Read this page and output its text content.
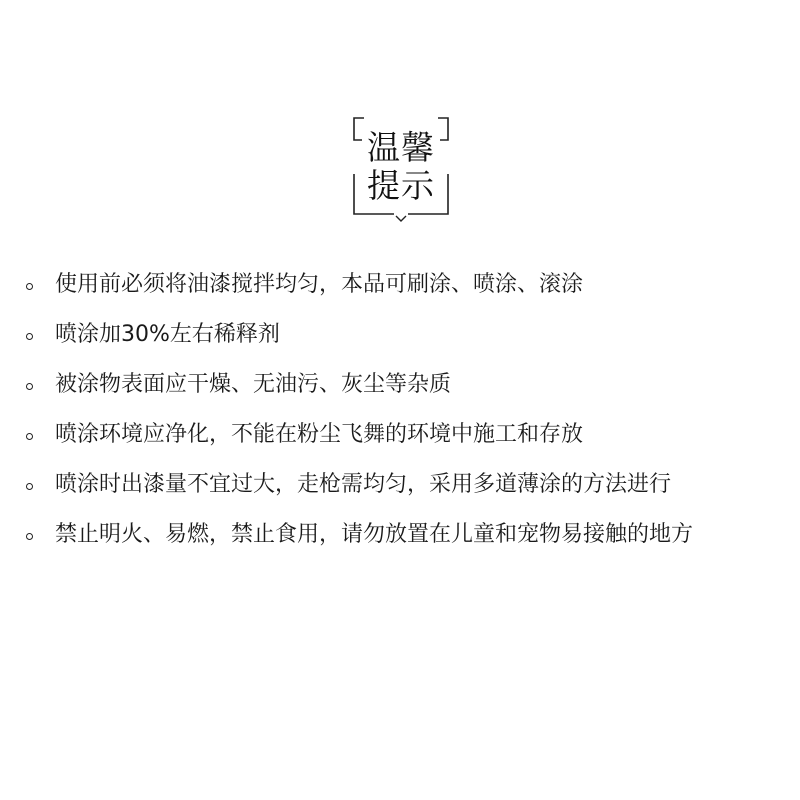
温馨
提示
使用前必须将油漆搅拌均匀，本品可刷涂、喷涂、滚涂
喷涂加30%左右稀释剂
被涂物表面应干燥、无油污、灰尘等杂质
喷涂环境应净化，不能在粉尘飞舞的环境中施工和存放
喷涂时出漆量不宜过大，走枪需均匀，采用多道薄涂的方法进行
禁止明火、易燃，禁止食用，请勿放置在儿童和宠物易接触的地方
